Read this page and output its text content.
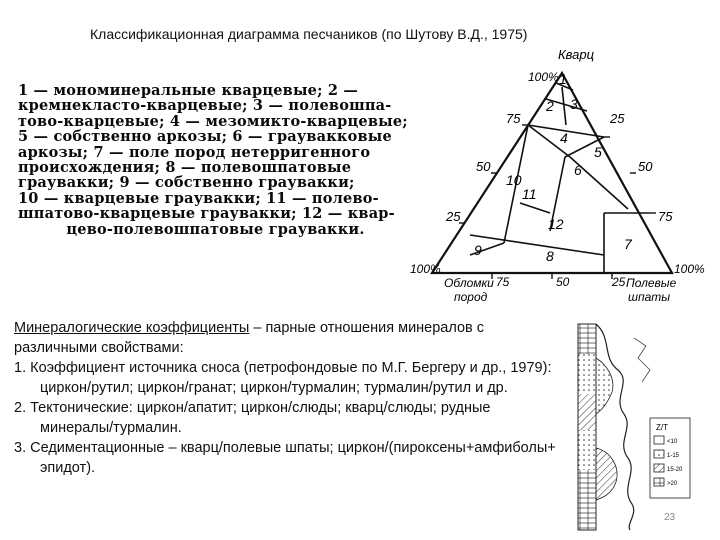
Классификационная диаграмма песчаников (по Шутову В.Д., 1975)
1 — мономинеральные кварцевые; 2 —
кремнекласто-кварцевые; 3 — полевошпа-
тово-кварцевые; 4 — мезомикто-кварцевые;
5 — собственно аркозы; 6 — граувакковые
аркозы; 7 — поле пород нетерригенного
происхождения; 8 — полевошпатовые
граувакки; 9 — собственно граувакки;
10 — кварцевые граувакки; 11 — полево-
шпатово-кварцевые граувакки; 12 — квар-
цево-полевошпатовые граувакки.
Кварц
100%
100%
Обломки
пород
100%
Полевые
шпаты
75
50
25
25
50
75
75	50	25
1
2 3
4
5
6
7
8
9
10
11
12

Минералогические коэффициенты – парные отношения минералов с различными свойствами:

1. Коэффициент источника сноса (петрофондовые по М.Г. Бергеру и др., 1979): циркон/рутил; циркон/гранат; циркон/турмалин; турмалин/рутил и др.
2. Тектонические: циркон/апатит; циркон/слюды; кварц/слюды; рудные минералы/турмалин.
3. Седиментационные – кварц/полевые шпаты; циркон/(пироксены+амфиболы+ эпидот).
Z/T
<10
1-15
15-20
>20
23
